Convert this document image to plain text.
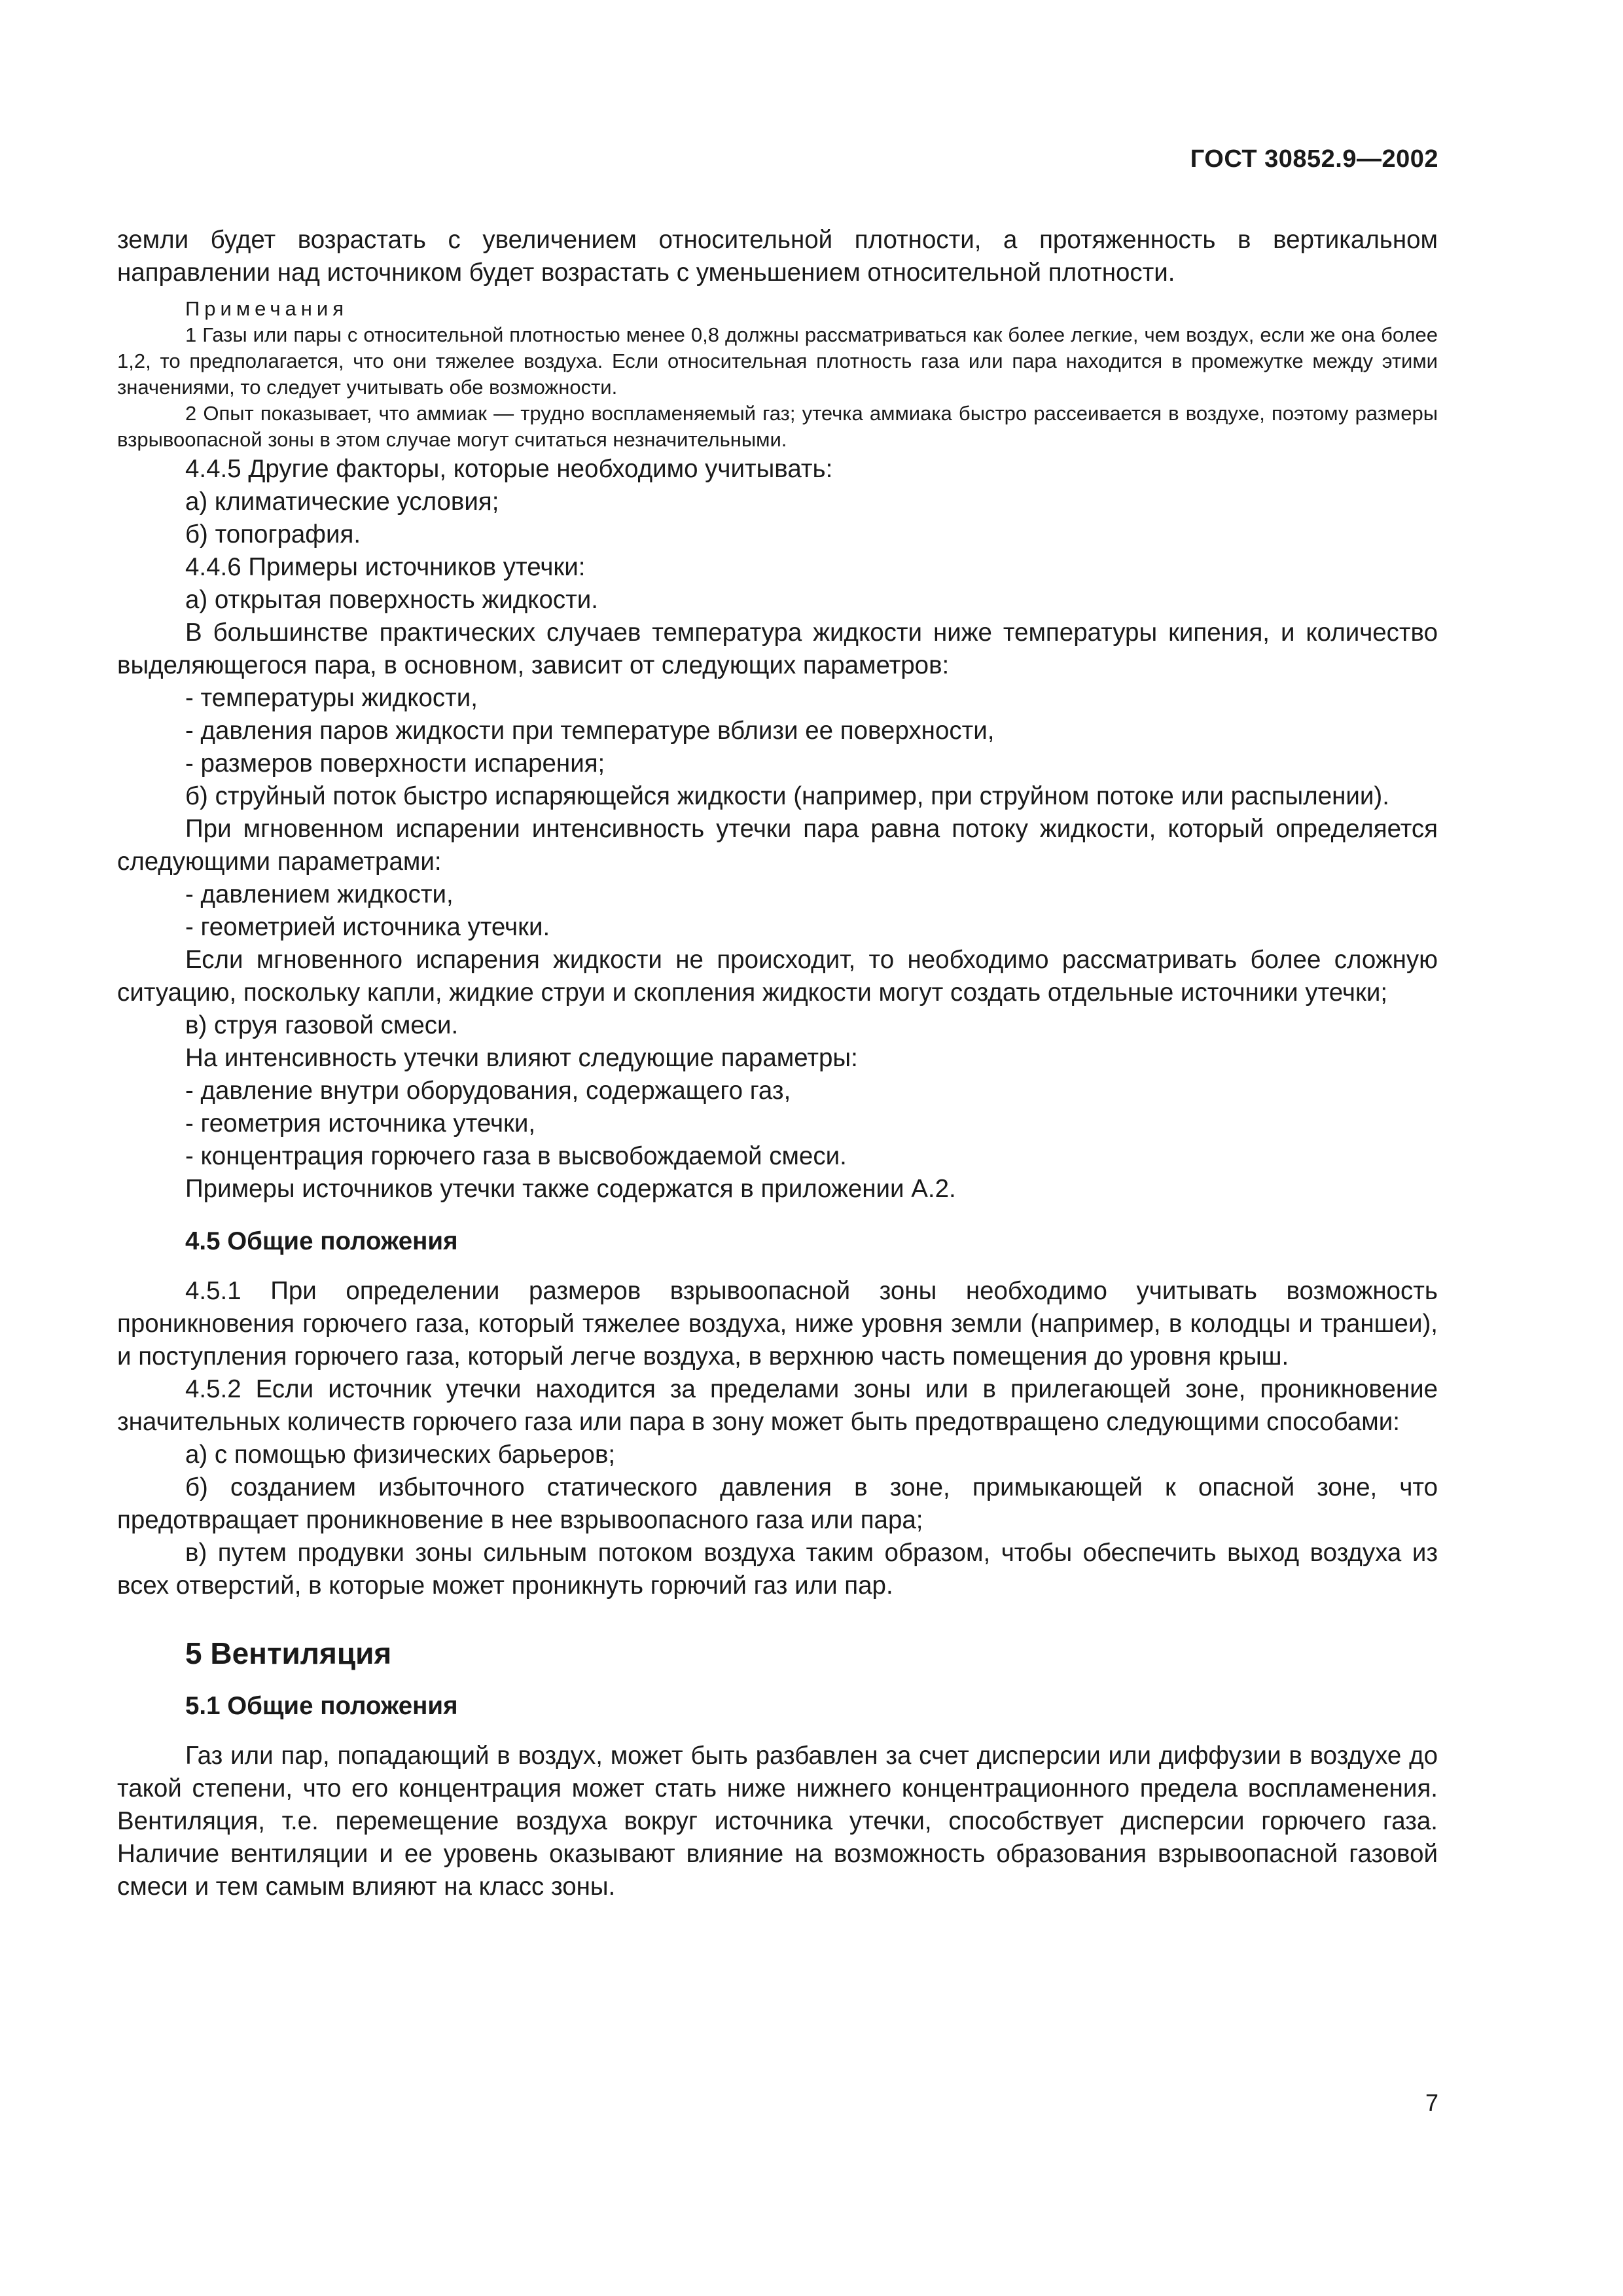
ГОСТ 30852.9—2002

земли будет возрастать с увеличением относительной плотности, а протяженность в вертикальном направлении над источником будет возрастать с уменьшением относительной плотности.

Примечания

1 Газы или пары с относительной плотностью менее 0,8 должны рассматриваться как более легкие, чем воздух, если же она более 1,2, то предполагается, что они тяжелее воздуха. Если относительная плотность газа или пара находится в промежутке между этими значениями, то следует учитывать обе возможности.

2 Опыт показывает, что аммиак — трудно воспламеняемый газ; утечка аммиака быстро рассеивается в воздухе, поэтому размеры взрывоопасной зоны в этом случае могут считаться незначительными.

4.4.5 Другие факторы, которые необходимо учитывать:

а) климатические условия;

б) топография.

4.4.6 Примеры источников утечки:

а) открытая поверхность жидкости.

В большинстве практических случаев температура жидкости ниже температуры кипения, и количество выделяющегося пара, в основном, зависит от следующих параметров:

- температуры жидкости,

- давления паров жидкости при температуре вблизи ее поверхности,

- размеров поверхности испарения;

б) струйный поток быстро испаряющейся жидкости (например, при струйном потоке или распылении).

При мгновенном испарении интенсивность утечки пара равна потоку жидкости, который определяется следующими параметрами:

- давлением жидкости,

- геометрией источника утечки.

Если мгновенного испарения жидкости не происходит, то необходимо рассматривать более сложную ситуацию, поскольку капли, жидкие струи и скопления жидкости могут создать отдельные источники утечки;

в) струя газовой смеси.

На интенсивность утечки влияют следующие параметры:

- давление внутри оборудования, содержащего газ,

- геометрия источника утечки,

- концентрация горючего газа в высвобождаемой смеси.

Примеры источников утечки также содержатся в приложении А.2.

4.5 Общие положения

4.5.1 При определении размеров взрывоопасной зоны необходимо учитывать возможность проникновения горючего газа, который тяжелее воздуха, ниже уровня земли (например, в колодцы и траншеи), и поступления горючего газа, который легче воздуха, в верхнюю часть помещения до уровня крыш.

4.5.2 Если источник утечки находится за пределами зоны или в прилегающей зоне, проникновение значительных количеств горючего газа или пара в зону может быть предотвращено следующими способами:

а) с помощью физических барьеров;

б) созданием избыточного статического давления в зоне, примыкающей к опасной зоне, что предотвращает проникновение в нее взрывоопасного газа или пара;

в) путем продувки зоны сильным потоком воздуха таким образом, чтобы обеспечить выход воздуха из всех отверстий, в которые может проникнуть горючий газ или пар.

5 Вентиляция
5.1 Общие положения

Газ или пар, попадающий в воздух, может быть разбавлен за счет дисперсии или диффузии в воздухе до такой степени, что его концентрация может стать ниже нижнего концентрационного предела воспламенения. Вентиляция, т.е. перемещение воздуха вокруг источника утечки, способствует дисперсии горючего газа. Наличие вентиляции и ее уровень оказывают влияние на возможность образования взрывоопасной газовой смеси и тем самым влияют на класс зоны.

7
